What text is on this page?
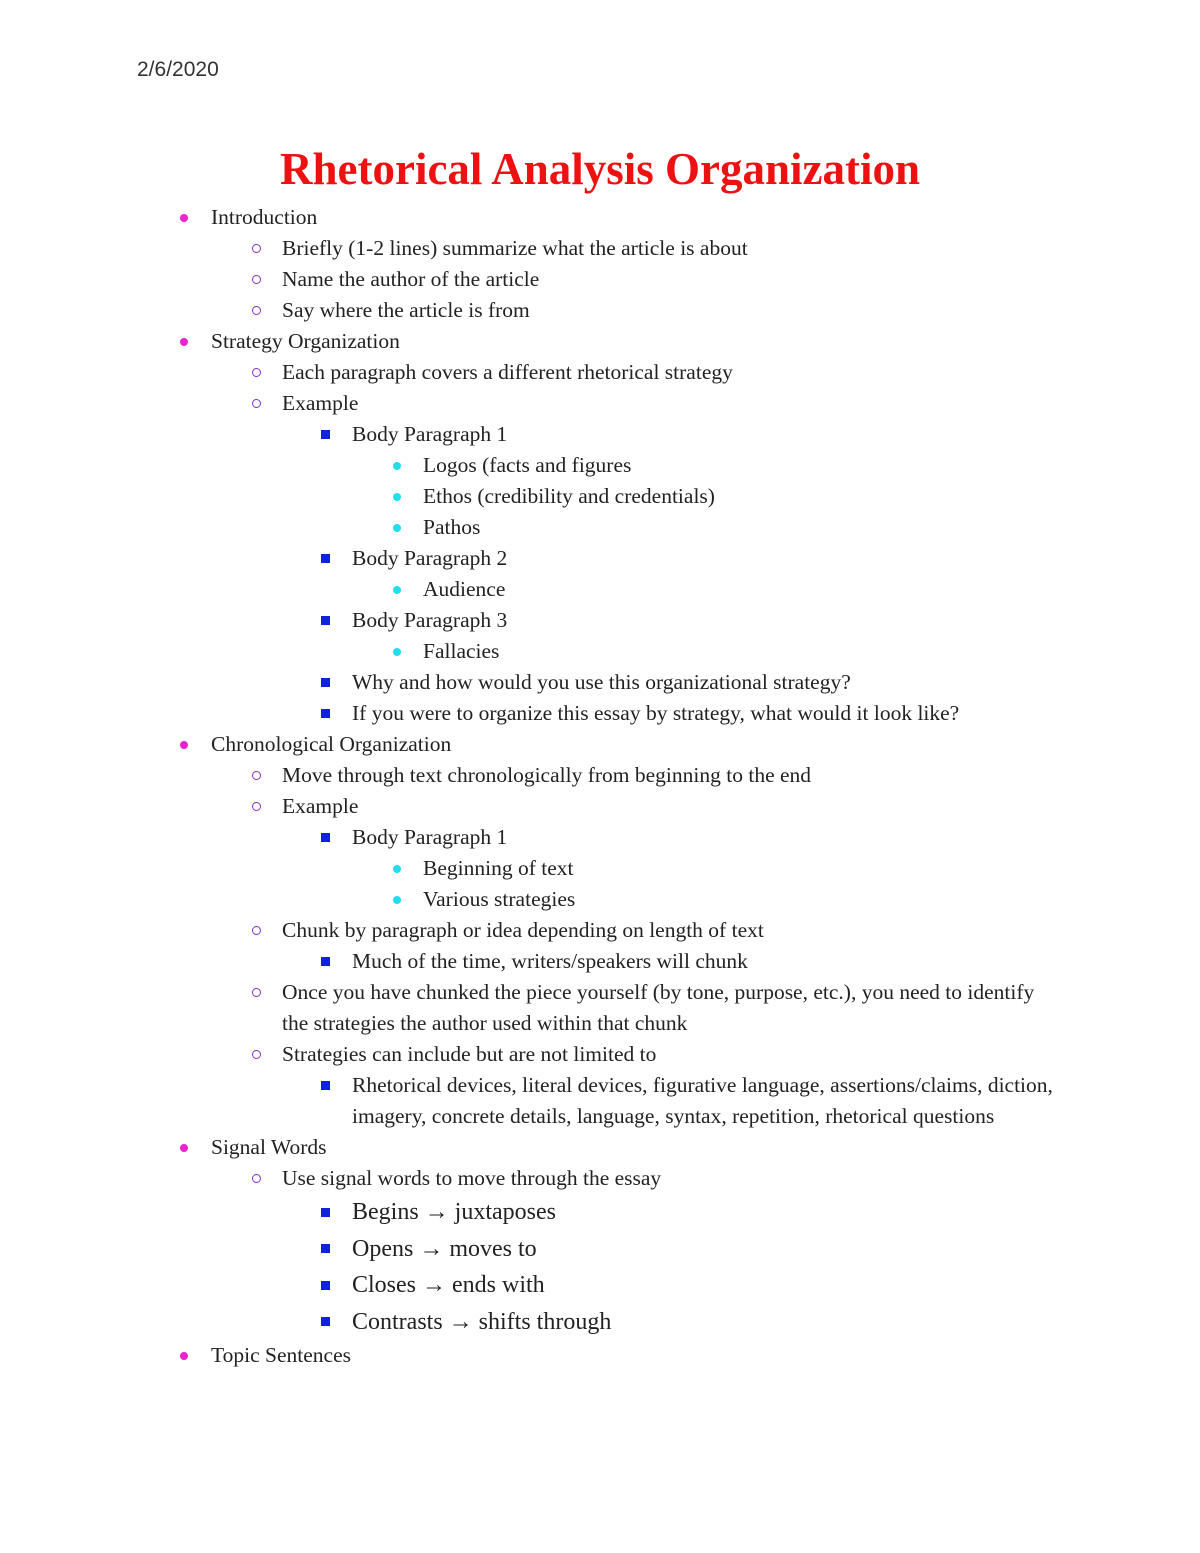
2/6/2020
Rhetorical Analysis Organization
Introduction
Briefly (1-2 lines) summarize what the article is about
Name the author of the article
Say where the article is from
Strategy Organization
Each paragraph covers a different rhetorical strategy
Example
Body Paragraph 1
Logos (facts and figures
Ethos (credibility and credentials)
Pathos
Body Paragraph 2
Audience
Body Paragraph 3
Fallacies
Why and how would you use this organizational strategy?
If you were to organize this essay by strategy, what would it look like?
Chronological Organization
Move through text chronologically from beginning to the end
Example
Body Paragraph 1
Beginning of text
Various strategies
Chunk by paragraph or idea depending on length of text
Much of the time, writers/speakers will chunk
Once you have chunked the piece yourself (by tone, purpose, etc.), you need to identify the strategies the author used within that chunk
Strategies can include but are not limited to
Rhetorical devices, literal devices, figurative language, assertions/claims, diction, imagery, concrete details, language, syntax, repetition, rhetorical questions
Signal Words
Use signal words to move through the essay
Begins → juxtaposes
Opens → moves to
Closes → ends with
Contrasts → shifts through
Topic Sentences
